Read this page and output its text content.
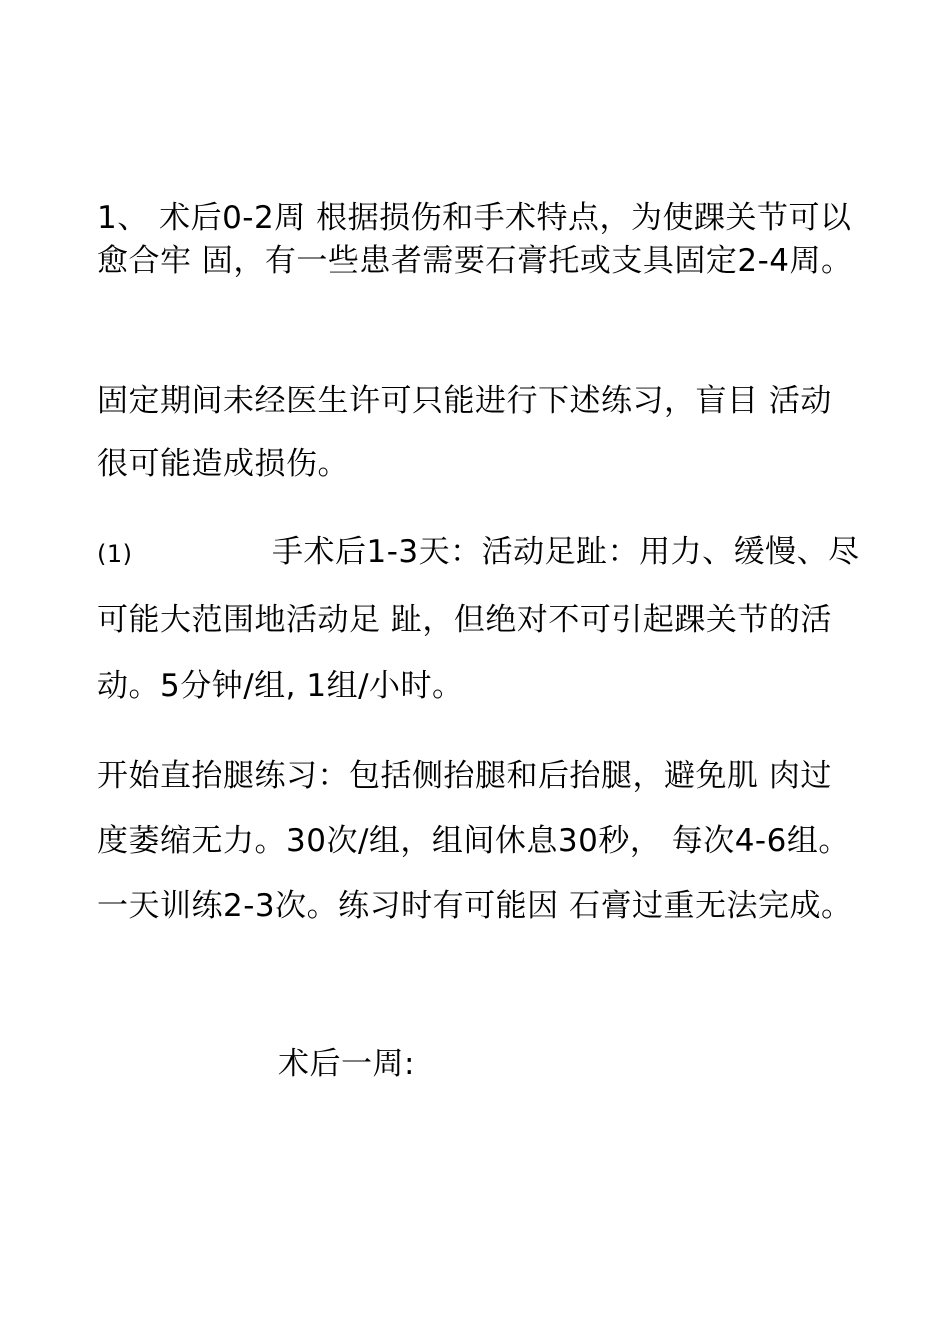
1、 术后0-2周 根据损伤和手术特点，为使踝关节可以愈合牢 固，有一些患者需要石膏托或支具固定2-4周。

固定期间未经医生许可只能进行下述练习，盲目 活动很可能造成损伤。

(1)	手术后1-3天：活动足趾：用力、缓慢、尽可能大范围地活动足 趾，但绝对不可引起踝关节的活动。5分钟/组, 1组/小时。

开始直抬腿练习：包括侧抬腿和后抬腿，避免肌 肉过度萎缩无力。30次/组，组间休息30秒， 每次4-6组。一天训练2-3次。练习时有可能因 石膏过重无法完成。

术后一周:
